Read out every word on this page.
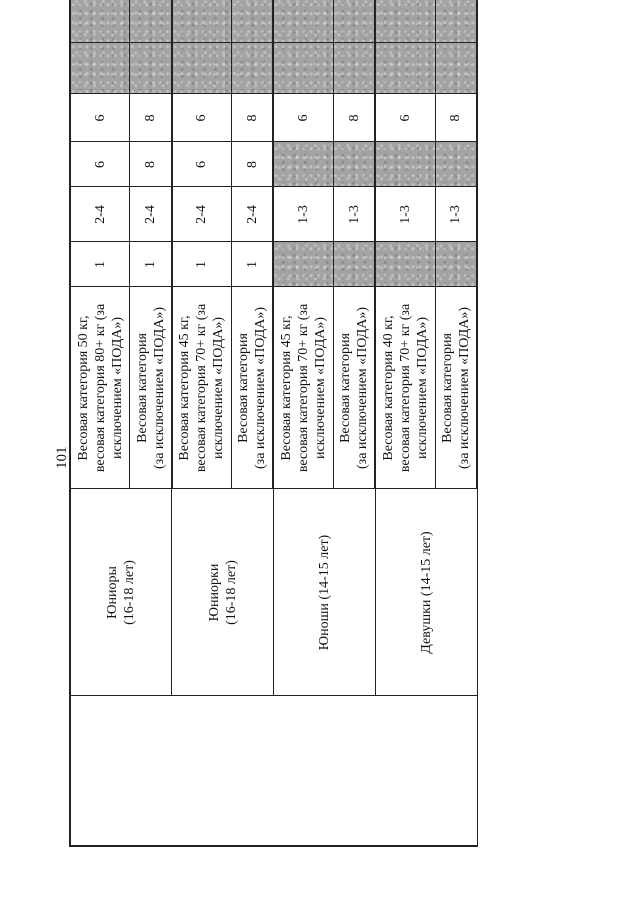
101
	Юниоры
(16-18 лет)	Весовая категория 50 кг,
весовая категория 80+ кг (за
исключением «ПОДА»)	1	2-4	6	6		
		Весовая категория
(за исключением «ПОДА»)	1	2-4	8	8		
	Юниорки
(16-18 лет)	Весовая категория 45 кг,
весовая категория 70+ кг (за
исключением «ПОДА»)	1	2-4	6	6		
		Весовая категория
(за исключением «ПОДА»)	1	2-4	8	8		
	Юноши (14-15 лет)	Весовая категория 45 кг,
весовая категория 70+ кг (за
исключением «ПОДА»)		1-3		6		
		Весовая категория
(за исключением «ПОДА»)		1-3		8		
	Девушки (14-15 лет)	Весовая категория 40 кг,
весовая категория 70+ кг (за
исключением «ПОДА»)		1-3		6		
		Весовая категория
(за исключением «ПОДА»)		1-3		8		
